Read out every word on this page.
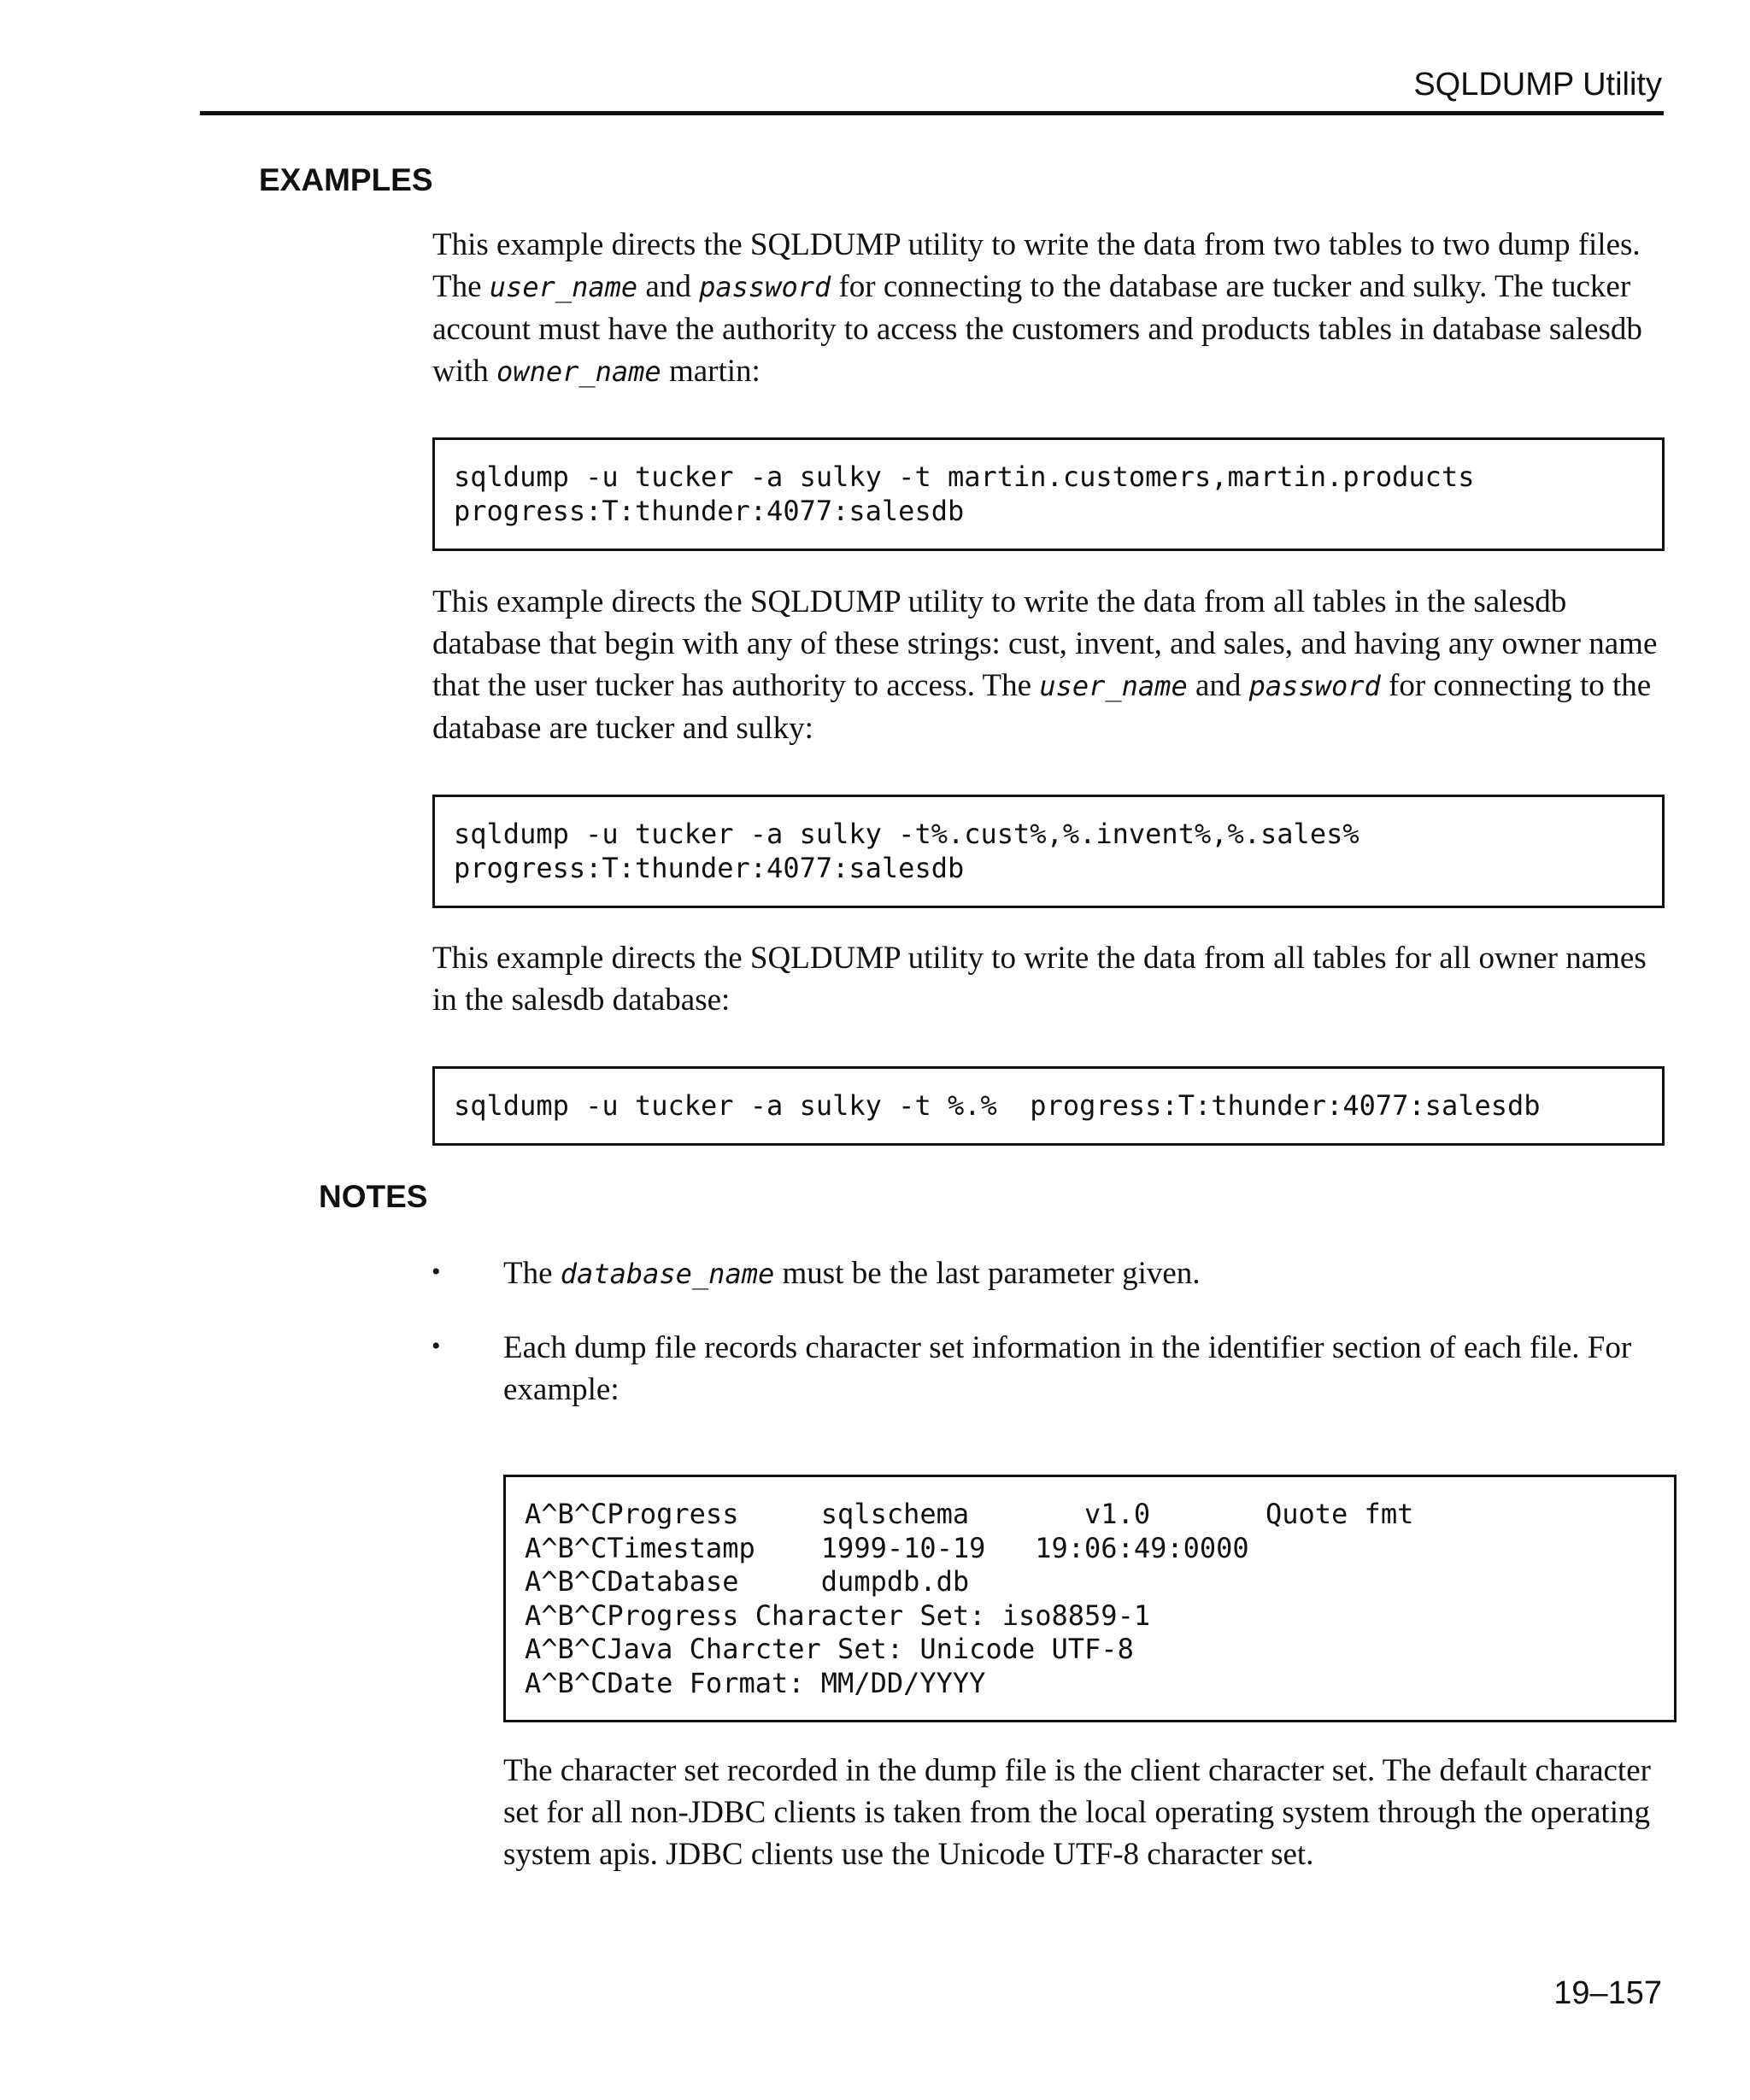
SQLDUMP Utility
EXAMPLES

This example directs the SQLDUMP utility to write the data from two tables to two dump files. The user_name and password for connecting to the database are tucker and sulky. The tucker account must have the authority to access the customers and products tables in database salesdb with owner_name martin:

sqldump -u tucker -a sulky -t martin.customers,martin.products
progress:T:thunder:4077:salesdb

This example directs the SQLDUMP utility to write the data from all tables in the salesdb database that begin with any of these strings: cust, invent, and sales, and having any owner name that the user tucker has authority to access. The user_name and password for connecting to the database are tucker and sulky:

sqldump -u tucker -a sulky -t%.cust%,%.invent%,%.sales%
progress:T:thunder:4077:salesdb

This example directs the SQLDUMP utility to write the data from all tables for all owner names in the salesdb database:

sqldump -u tucker -a sulky -t %.%  progress:T:thunder:4077:salesdb
NOTES
• The database_name must be the last parameter given.

• Each dump file records character set information in the identifier section of each file. For example:

A^B^CProgress     sqlschema       v1.0       Quote fmt
A^B^CTimestamp    1999-10-19   19:06:49:0000
A^B^CDatabase     dumpdb.db
A^B^CProgress Character Set: iso8859-1
A^B^CJava Charcter Set: Unicode UTF-8
A^B^CDate Format: MM/DD/YYYY

The character set recorded in the dump file is the client character set. The default character set for all non-JDBC clients is taken from the local operating system through the operating system apis. JDBC clients use the Unicode UTF-8 character set.

19–157
